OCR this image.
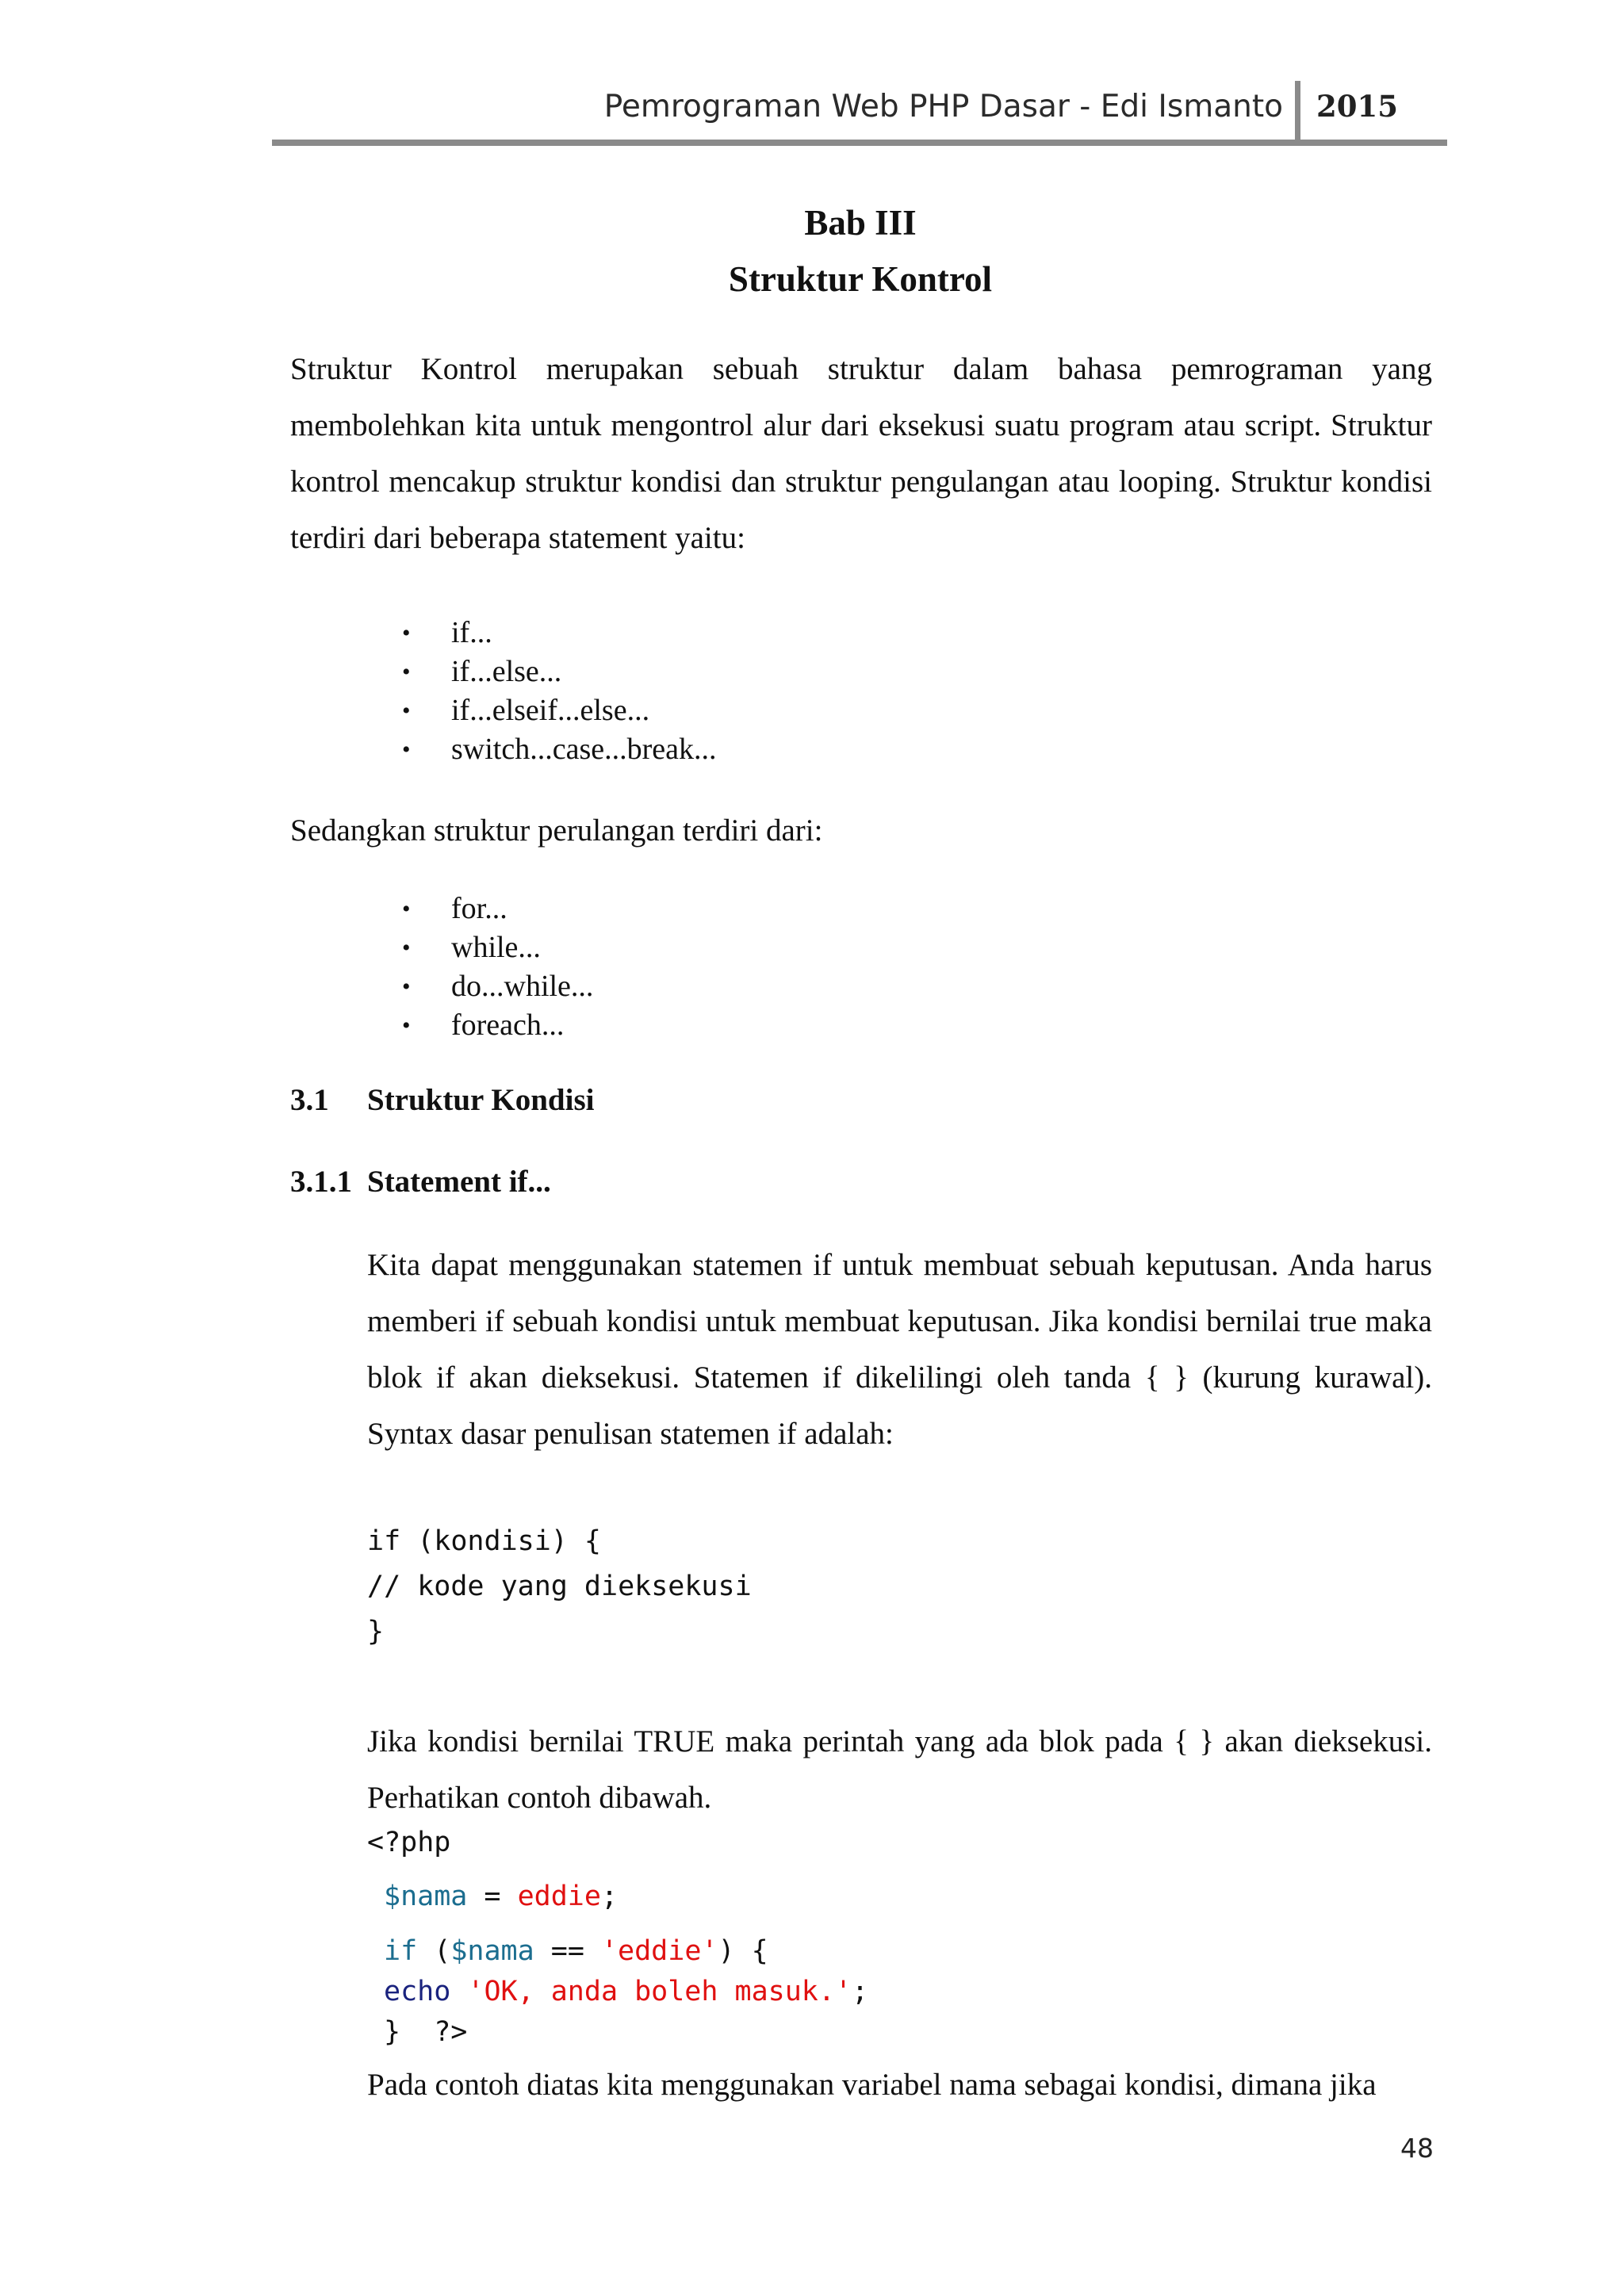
Pemrograman Web PHP Dasar - Edi Ismanto 2015
Bab III
Struktur Kontrol
Struktur Kontrol merupakan sebuah struktur dalam bahasa pemrograman yang membolehkan kita untuk mengontrol alur dari eksekusi suatu program atau script. Struktur kontrol mencakup struktur kondisi dan struktur pengulangan atau looping. Struktur kondisi terdiri dari beberapa statement yaitu:
• if...
• if...else...
• if...elseif...else...
• switch...case...break...
Sedangkan struktur perulangan terdiri dari:
• for...
• while...
• do...while...
• foreach...
3.1 Struktur Kondisi
3.1.1 Statement if...
Kita dapat menggunakan statemen if untuk membuat sebuah keputusan. Anda harus memberi if sebuah kondisi untuk membuat keputusan. Jika kondisi bernilai true maka blok if akan dieksekusi. Statemen if dikelilingi oleh tanda { } (kurung kurawal). Syntax dasar penulisan statemen if adalah:
if (kondisi) {
// kode yang dieksekusi
}
Jika kondisi bernilai TRUE maka perintah yang ada blok pada { } akan dieksekusi. Perhatikan contoh dibawah.
<?php
$nama = eddie;
if ($nama == 'eddie') {
echo 'OK, anda boleh masuk.';
}  ?>
Pada contoh diatas kita menggunakan variabel nama sebagai kondisi, dimana jika
48
